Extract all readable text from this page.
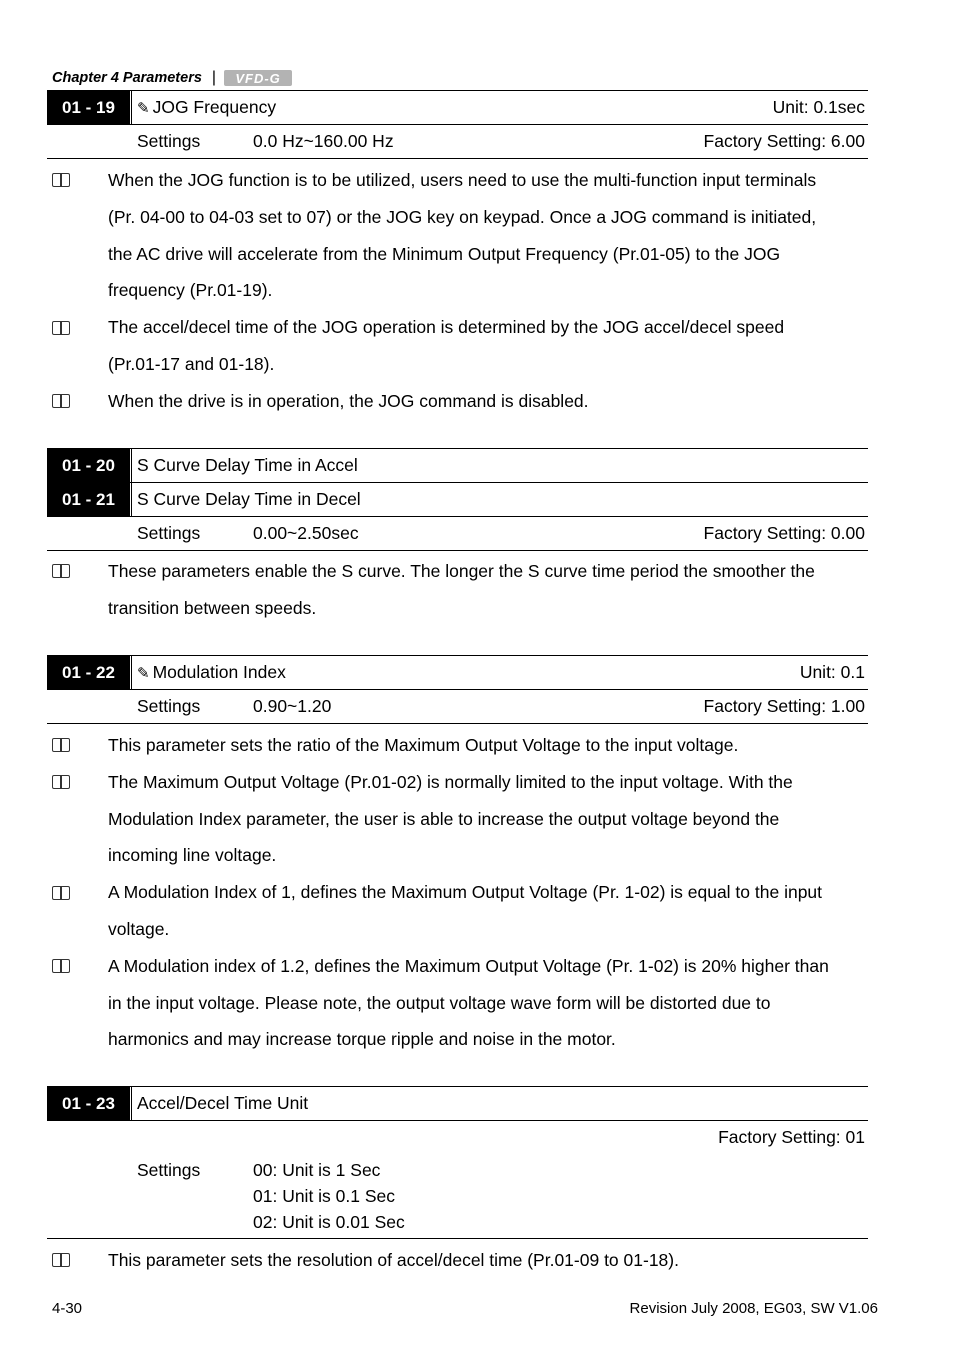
Chapter 4 Parameters |	VFD-G
01 - 19	✎ JOG Frequency	Unit: 0.1sec
Settings	0.0 Hz~160.00 Hz	Factory Setting: 6.00

When the JOG function is to be utilized, users need to use the multi-function input terminals
(Pr. 04-00 to 04-03 set to 07) or the JOG key on keypad. Once a JOG command is initiated,
the AC drive will accelerate from the Minimum Output Frequency (Pr.01-05) to the JOG
frequency (Pr.01-19).

The accel/decel time of the JOG operation is determined by the JOG accel/decel speed
(Pr.01-17 and 01-18).

When the drive is in operation, the JOG command is disabled.

01 - 20	S Curve Delay Time in Accel
01 - 21	S Curve Delay Time in Decel
Settings	0.00~2.50sec	Factory Setting: 0.00

These parameters enable the S curve. The longer the S curve time period the smoother the
transition between speeds.

01 - 22	✎ Modulation Index	Unit: 0.1
Settings	0.90~1.20	Factory Setting: 1.00

This parameter sets the ratio of the Maximum Output Voltage to the input voltage.

The Maximum Output Voltage (Pr.01-02) is normally limited to the input voltage. With the
Modulation Index parameter, the user is able to increase the output voltage beyond the
incoming line voltage.

A Modulation Index of 1, defines the Maximum Output Voltage (Pr. 1-02) is equal to the input
voltage.

A Modulation index of 1.2, defines the Maximum Output Voltage (Pr. 1-02) is 20% higher than
in the input voltage. Please note, the output voltage wave form will be distorted due to
harmonics and may increase torque ripple and noise in the motor.

01 - 23	Accel/Decel Time Unit
Factory Setting: 01
Settings	00: Unit is 1 Sec
01: Unit is 0.1 Sec
02: Unit is 0.01 Sec

This parameter sets the resolution of accel/decel time (Pr.01-09 to 01-18).

4-30	Revision July 2008, EG03, SW V1.06
